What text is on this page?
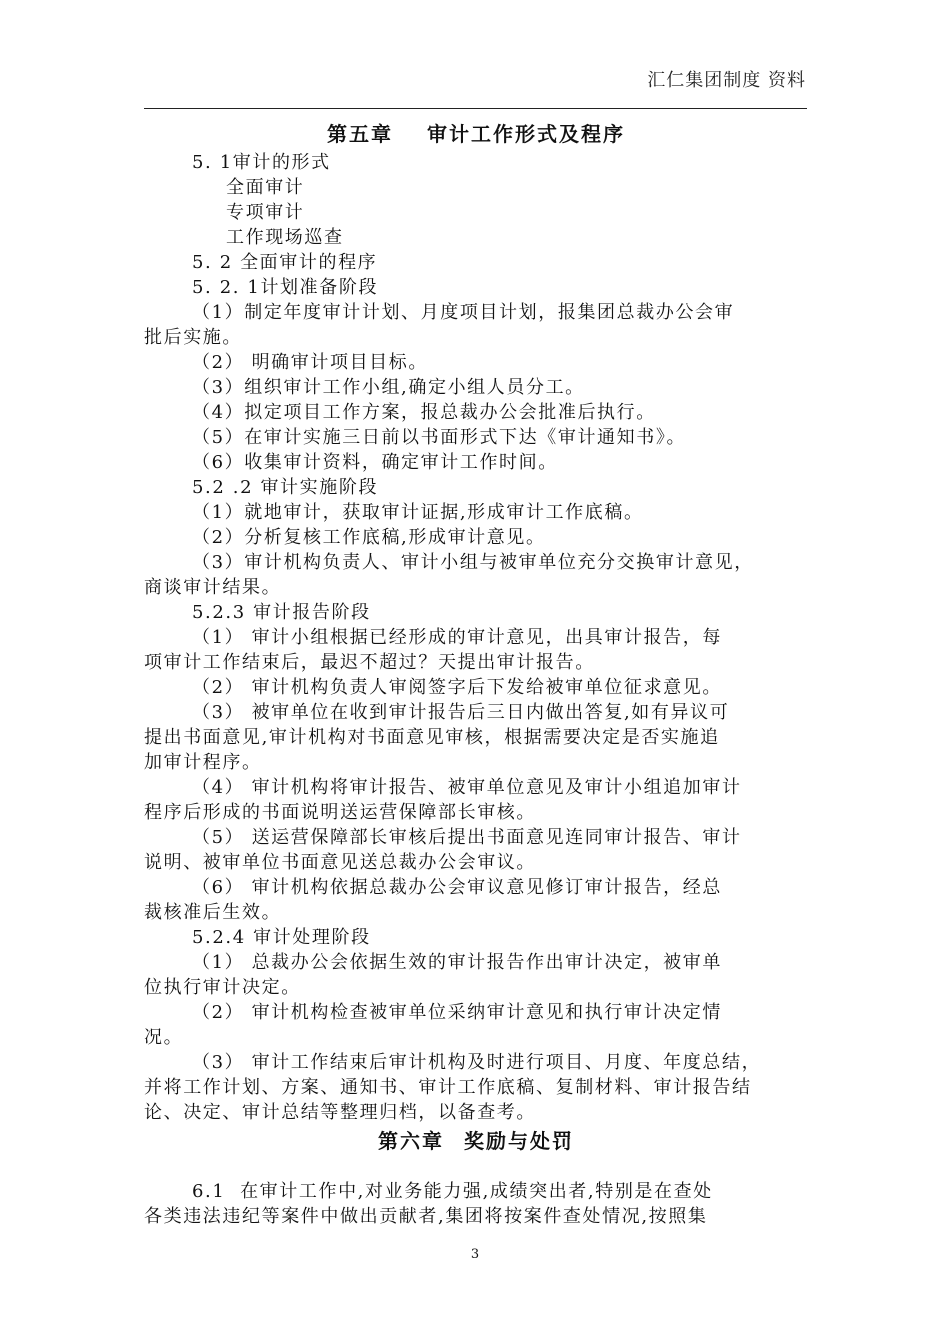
汇仁集团制度 资料
第五章 审计工作形式及程序
5. 1审计的形式
全面审计
专项审计
工作现场巡查
5. 2 全面审计的程序
5. 2. 1计划准备阶段
（1）制定年度审计计划、月度项目计划，报集团总裁办公会审
批后实施。
（2） 明确审计项目目标。
（3）组织审计工作小组,确定小组人员分工。
（4）拟定项目工作方案，报总裁办公会批准后执行。
（5）在审计实施三日前以书面形式下达《审计通知书》。
（6）收集审计资料，确定审计工作时间。
5.2 .2 审计实施阶段
（1）就地审计，获取审计证据,形成审计工作底稿。
（2）分析复核工作底稿,形成审计意见。
（3）审计机构负责人、审计小组与被审单位充分交换审计意见，
商谈审计结果。
5.2.3 审计报告阶段
（1） 审计小组根据已经形成的审计意见，出具审计报告，每
项审计工作结束后，最迟不超过？天提出审计报告。
（2） 审计机构负责人审阅签字后下发给被审单位征求意见。
（3） 被审单位在收到审计报告后三日内做出答复,如有异议可
提出书面意见,审计机构对书面意见审核，根据需要决定是否实施追
加审计程序。
（4） 审计机构将审计报告、被审单位意见及审计小组追加审计
程序后形成的书面说明送运营保障部长审核。
（5） 送运营保障部长审核后提出书面意见连同审计报告、审计
说明、被审单位书面意见送总裁办公会审议。
（6） 审计机构依据总裁办公会审议意见修订审计报告，经总
裁核准后生效。
5.2.4 审计处理阶段
（1） 总裁办公会依据生效的审计报告作出审计决定，被审单
位执行审计决定。
（2） 审计机构检查被审单位采纳审计意见和执行审计决定情
况。
（3） 审计工作结束后审计机构及时进行项目、月度、年度总结，
并将工作计划、方案、通知书、审计工作底稿、复制材料、审计报告结
论、决定、审计总结等整理归档，以备查考。
第六章 奖励与处罚
6.1  在审计工作中,对业务能力强,成绩突出者,特别是在查处
各类违法违纪等案件中做出贡献者,集团将按案件查处情况,按照集
3
